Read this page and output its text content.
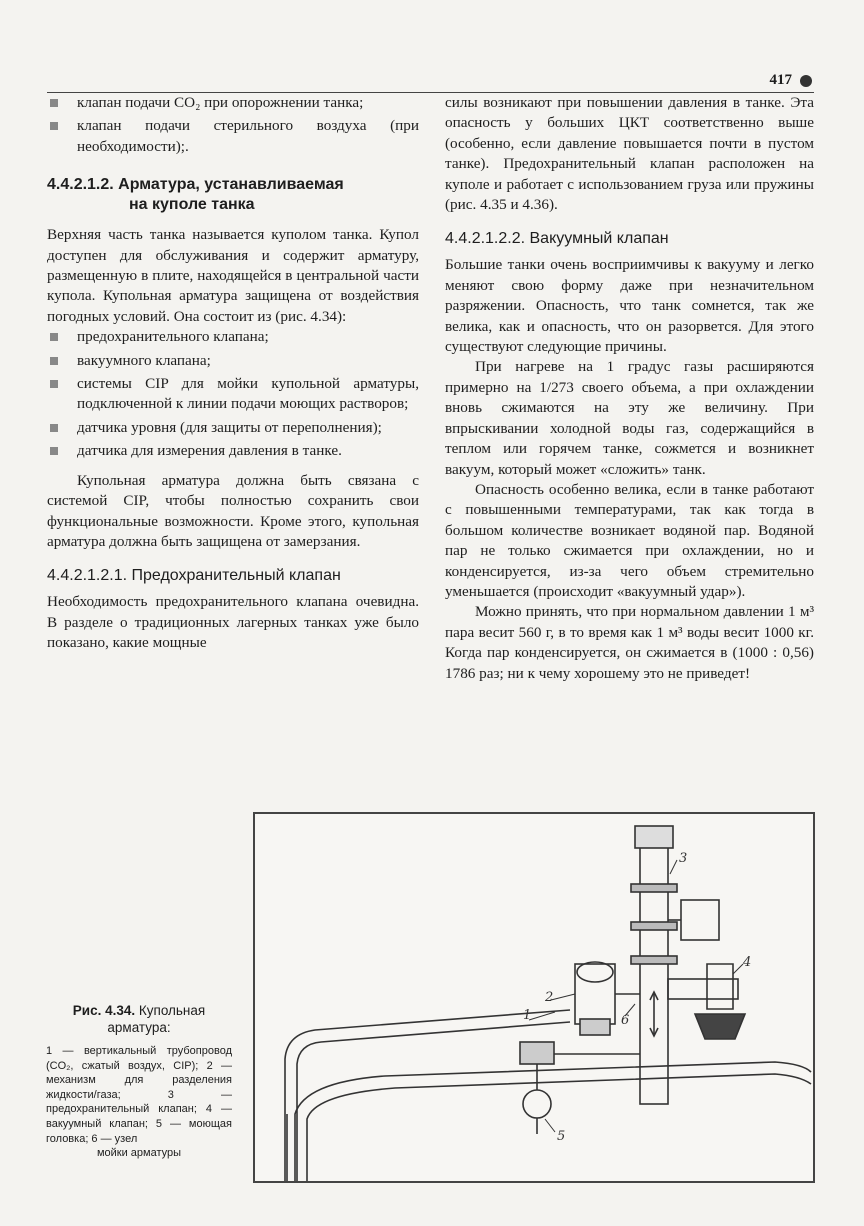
417
клапан подачи CO₂ при опорожнении танка;
клапан подачи стерильного воздуха (при необходимости);.
4.4.2.1.2. Арматура, устанавливаемая
на куполе танка

Верхняя часть танка называется куполом танка. Купол доступен для обслуживания и содержит арматуру, размещенную в плите, находящейся в центральной части купола. Купольная арматура защищена от воздействия погодных условий. Она состоит из (рис. 4.34):

предохранительного клапана;
вакуумного клапана;
системы CIP для мойки купольной арматуры, подключенной к линии подачи моющих растворов;
датчика уровня (для защиты от переполнения);
датчика для измерения давления в танке.

Купольная арматура должна быть связана с системой CIP, чтобы полностью сохранить свои функциональные возможности. Кроме этого, купольная арматура должна быть защищена от замерзания.

4.4.2.1.2.1. Предохранительный клапан

Необходимость предохранительного клапана очевидна. В разделе о традиционных лагерных танках уже было показано, какие мощные

силы возникают при повышении давления в танке. Эта опасность у больших ЦКТ соответственно выше (особенно, если давление повышается почти в пустом танке). Предохранительный клапан расположен на куполе и работает с использованием груза или пружины (рис. 4.35 и 4.36).

4.4.2.1.2.2. Вакуумный клапан

Большие танки очень восприимчивы к вакууму и легко меняют свою форму даже при незначительном разряжении. Опасность, что танк сомнется, так же велика, как и опасность, что он разорвется. Для этого существуют следующие причины.

При нагреве на 1 градус газы расширяются примерно на 1/273 своего объема, а при охлаждении вновь сжимаются на эту же величину. При впрыскивании холодной воды газ, содержащийся в теплом или горячем танке, сожмется и возникнет вакуум, который может «сложить» танк.

Опасность особенно велика, если в танке работают с повышенными температурами, так как тогда в большом количестве возникает водяной пар. Водяной пар не только сжимается при охлаждении, но и конденсируется, из-за чего объем стремительно уменьшается (происходит «вакуумный удар»).

Можно принять, что при нормальном давлении 1 м³ пара весит 560 г, в то время как 1 м³ воды весит 1000 кг. Когда пар конденсируется, он сжимается в (1000 : 0,56) 1786 раз; ни к чему хорошему это не приведет!

Рис. 4.34. Купольная арматура:
1 — вертикальный трубопровод (CO₂, сжатый воздух, CIP); 2 — механизм для разделения жидкости/газа; 3 — предохранительный клапан; 4 — вакуумный клапан; 5 — моющая головка; 6 — узел
мойки арматуры
1
2
3
4
5
6
